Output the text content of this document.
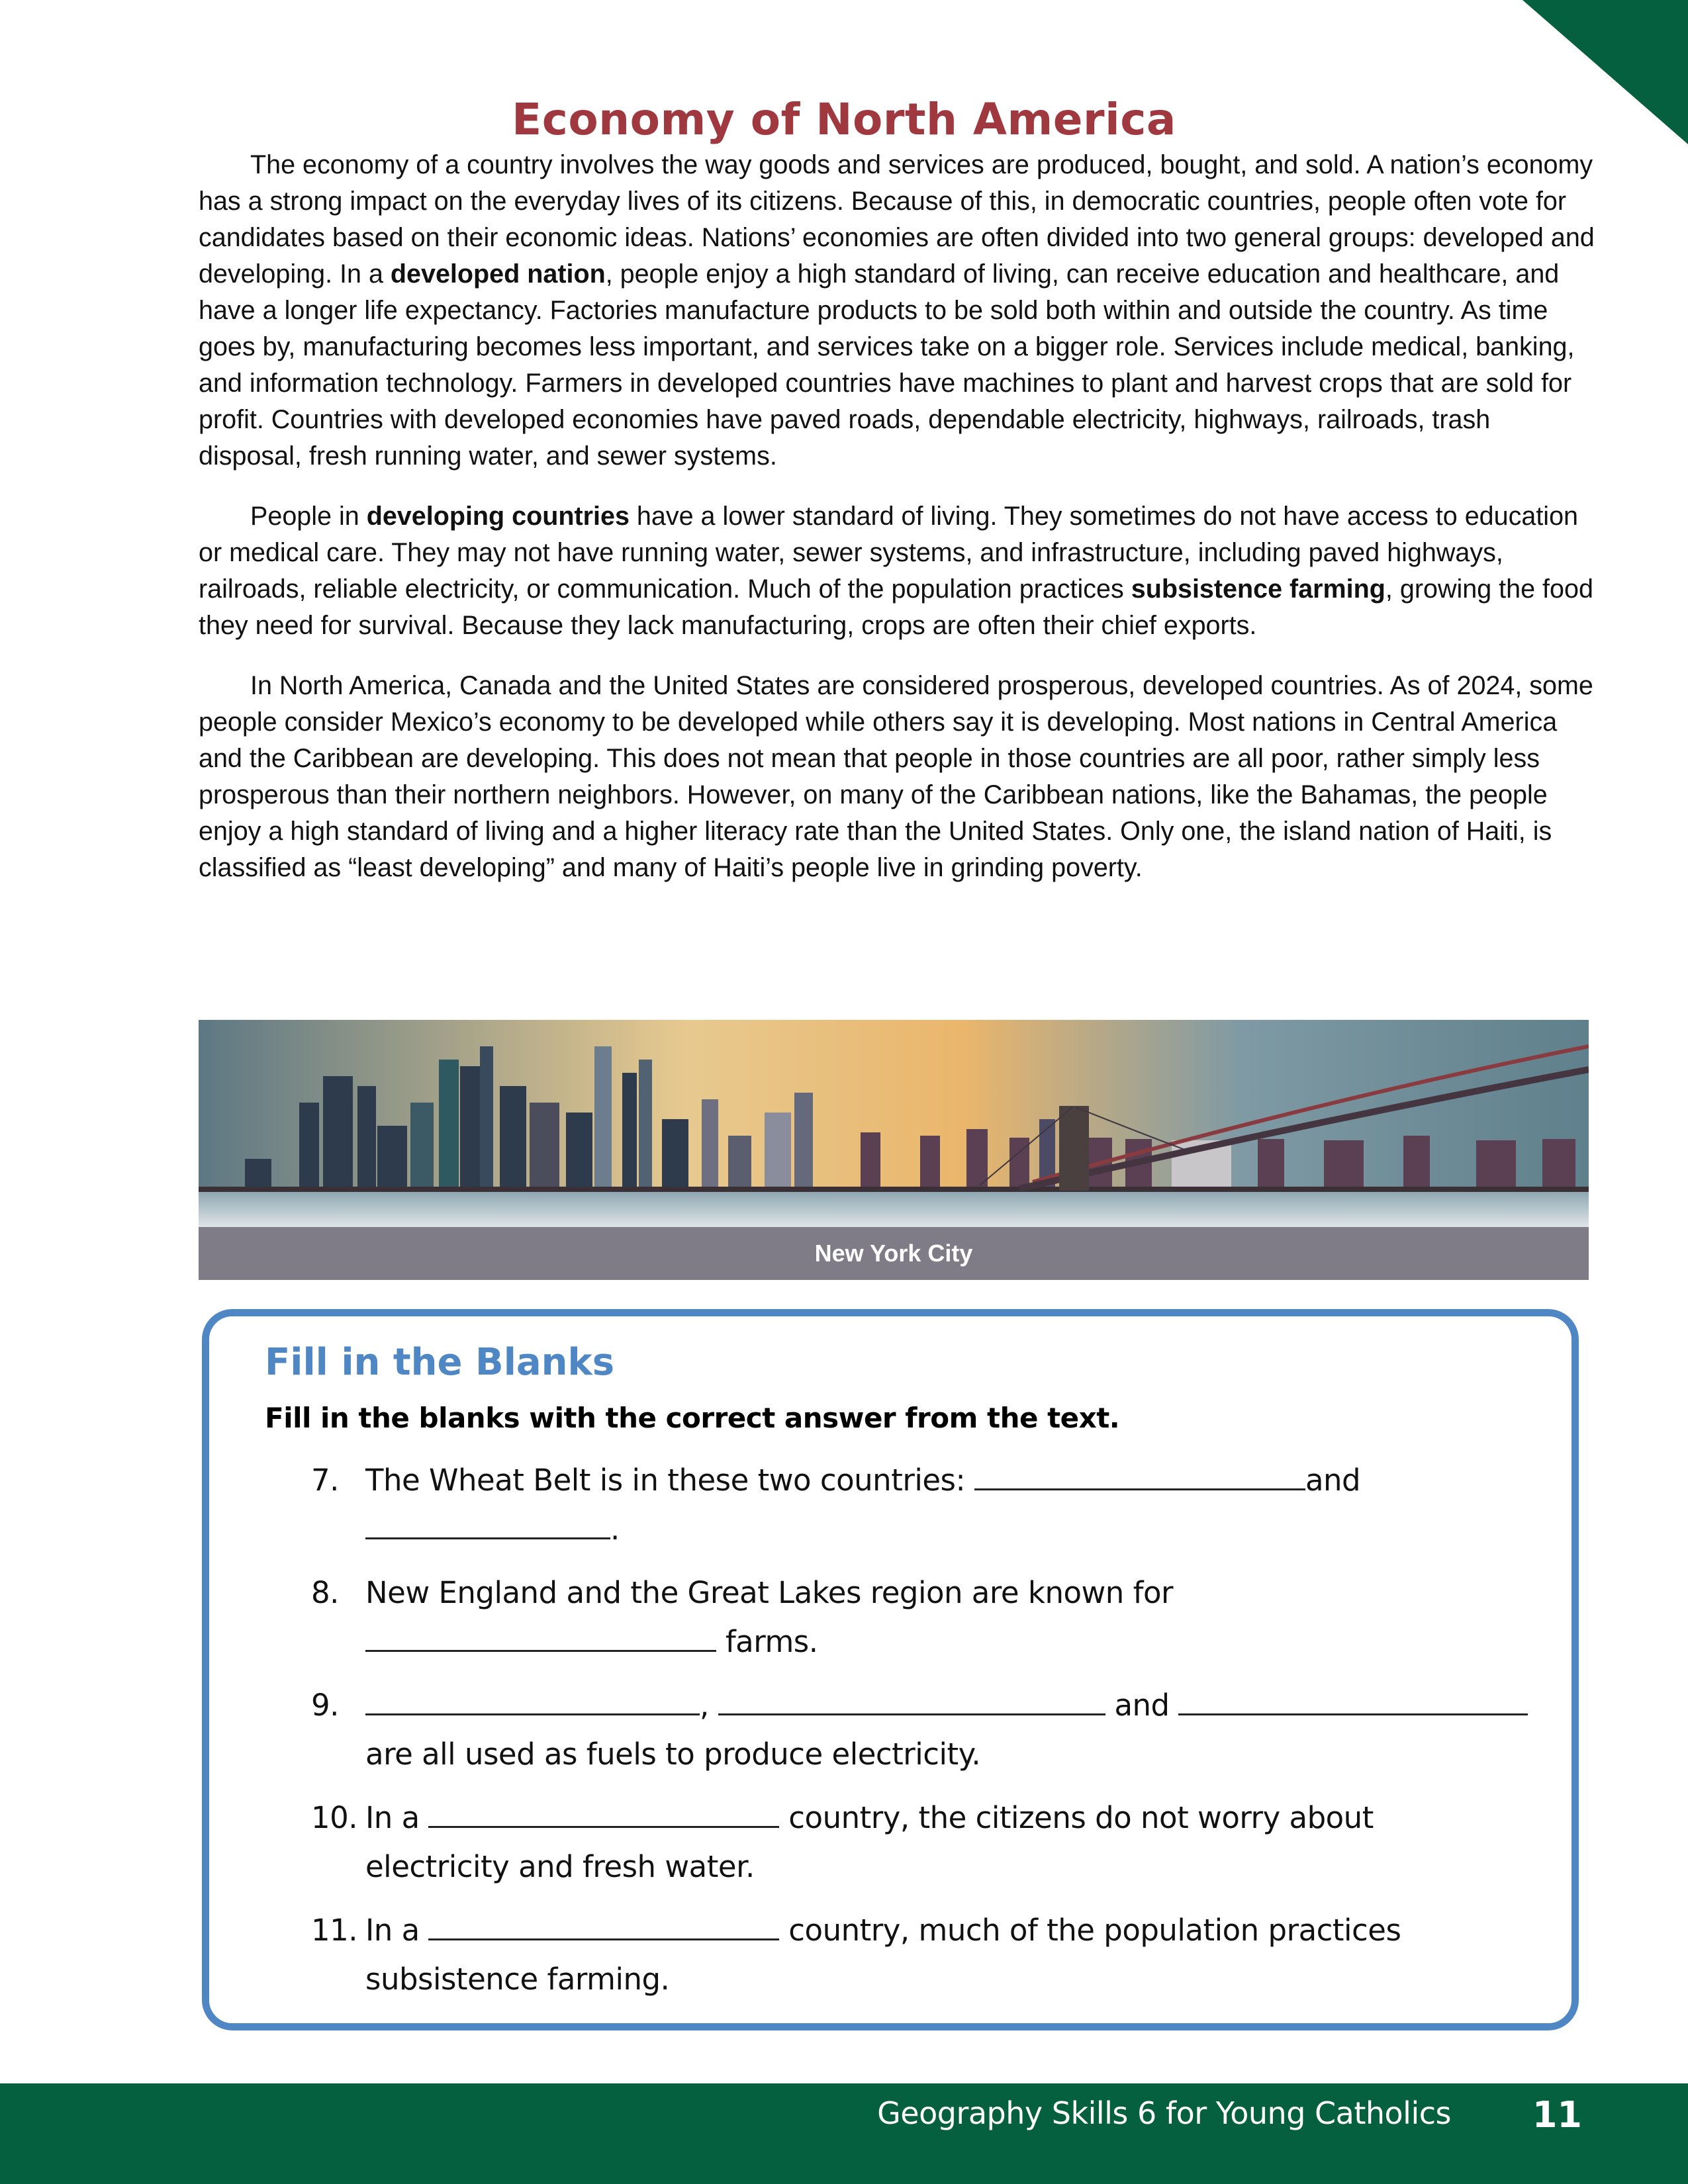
Economy of North America

The economy of a country involves the way goods and services are produced, bought, and sold. A nation’s economy has a strong impact on the everyday lives of its citizens. Because of this, in democratic countries, people often vote for candidates based on their economic ideas. Nations’ economies are often divided into two general groups: developed and developing. In a developed nation, people enjoy a high standard of living, can receive education and healthcare, and have a longer life expectancy. Factories manufacture products to be sold both within and outside the country. As time goes by, manufacturing becomes less important, and services take on a bigger role. Services include medical, banking, and information technology. Farmers in developed countries have machines to plant and harvest crops that are sold for profit. Countries with developed economies have paved roads, dependable electricity, highways, railroads, trash disposal, fresh running water, and sewer systems.

People in developing countries have a lower standard of living. They sometimes do not have access to education or medical care. They may not have running water, sewer systems, and infrastructure, including paved highways, railroads, reliable electricity, or communication. Much of the population practices subsistence farming, growing the food they need for survival. Because they lack manufacturing, crops are often their chief exports.

In North America, Canada and the United States are considered prosperous, developed countries. As of 2024, some people consider Mexico’s economy to be developed while others say it is developing. Most nations in Central America and the Caribbean are developing. This does not mean that people in those countries are all poor, rather simply less prosperous than their northern neighbors. However, on many of the Caribbean nations, like the Bahamas, the people enjoy a high standard of living and a higher literacy rate than the United States. Only one, the island nation of Haiti, is classified as “least developing” and many of Haiti’s people live in grinding poverty.

New York City
Fill in the Blanks

Fill in the blanks with the correct answer from the text.

7. The Wheat Belt is in these two countries:	and
.
8. New England and the Great Lakes region are known for
farms.
9.	,	and
are all used as fuels to produce electricity.
10. In a	country, the citizens do not worry about
electricity and fresh water.
11. In a	country, much of the population practices
subsistence farming.
Geography Skills 6 for Young Catholics 11
